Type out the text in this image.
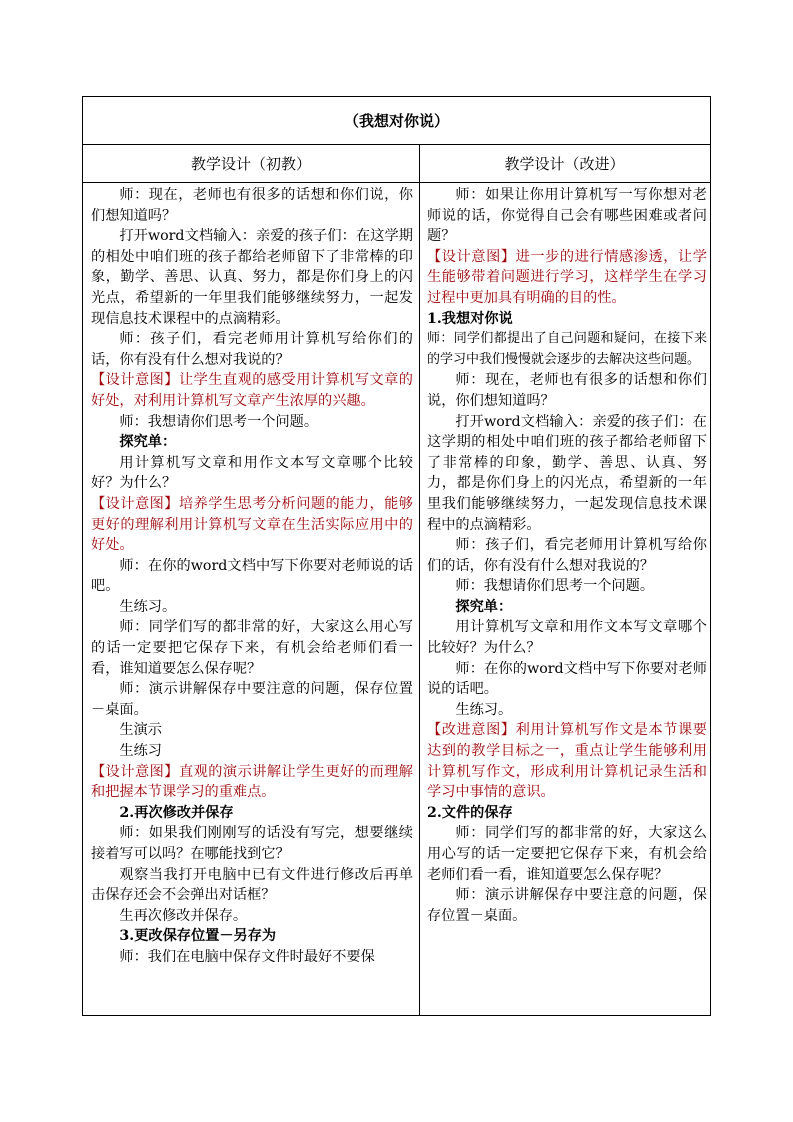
（我想对你说）
教学设计（初教）	教学设计（改进）

师：现在，老师也有很多的话想和你们说，你们想知道吗？

打开word文档输入：亲爱的孩子们：在这学期的相处中咱们班的孩子都给老师留下了非常棒的印象，勤学、善思、认真、努力，都是你们身上的闪光点，希望新的一年里我们能够继续努力，一起发现信息技术课程中的点滴精彩。

师：孩子们，看完老师用计算机写给你们的话，你有没有什么想对我说的？

【设计意图】让学生直观的感受用计算机写文章的好处，对利用计算机写文章产生浓厚的兴趣。

师：我想请你们思考一个问题。

探究单：

用计算机写文章和用作文本写文章哪个比较好？为什么？

【设计意图】培养学生思考分析问题的能力，能够更好的理解利用计算机写文章在生活实际应用中的好处。

师：在你的word文档中写下你要对老师说的话吧。

生练习。

师：同学们写的都非常的好，大家这么用心写的话一定要把它保存下来，有机会给老师们看一看，谁知道要怎么保存呢？

师：演示讲解保存中要注意的问题，保存位置－桌面。

生演示

生练习

【设计意图】直观的演示讲解让学生更好的而理解和把握本节课学习的重难点。

2.再次修改并保存

师：如果我们刚刚写的话没有写完，想要继续接着写可以吗？在哪能找到它？

观察当我打开电脑中已有文件进行修改后再单击保存还会不会弹出对话框？

生再次修改并保存。

3.更改保存位置－另存为

师：我们在电脑中保存文件时最好不要保

师：如果让你用计算机写一写你想对老师说的话，你觉得自己会有哪些困难或者问题？

【设计意图】进一步的进行情感渗透，让学生能够带着问题进行学习，这样学生在学习过程中更加具有明确的目的性。

1.我想对你说

师：同学们都提出了自己问题和疑问，在接下来的学习中我们慢慢就会逐步的去解决这些问题。

师：现在，老师也有很多的话想和你们说，你们想知道吗？

打开word文档输入：亲爱的孩子们：在这学期的相处中咱们班的孩子都给老师留下了非常棒的印象，勤学、善思、认真、努力，都是你们身上的闪光点，希望新的一年里我们能够继续努力，一起发现信息技术课程中的点滴精彩。

师：孩子们，看完老师用计算机写给你们的话，你有没有什么想对我说的？

师：我想请你们思考一个问题。

探究单：

用计算机写文章和用作文本写文章哪个比较好？为什么？

师：在你的word文档中写下你要对老师说的话吧。

生练习。

【改进意图】利用计算机写作文是本节课要达到的教学目标之一，重点让学生能够利用计算机写作文，形成利用计算机记录生活和学习中事情的意识。

2.文件的保存

师：同学们写的都非常的好，大家这么用心写的话一定要把它保存下来，有机会给老师们看一看，谁知道要怎么保存呢？

师：演示讲解保存中要注意的问题，保存位置－桌面。
